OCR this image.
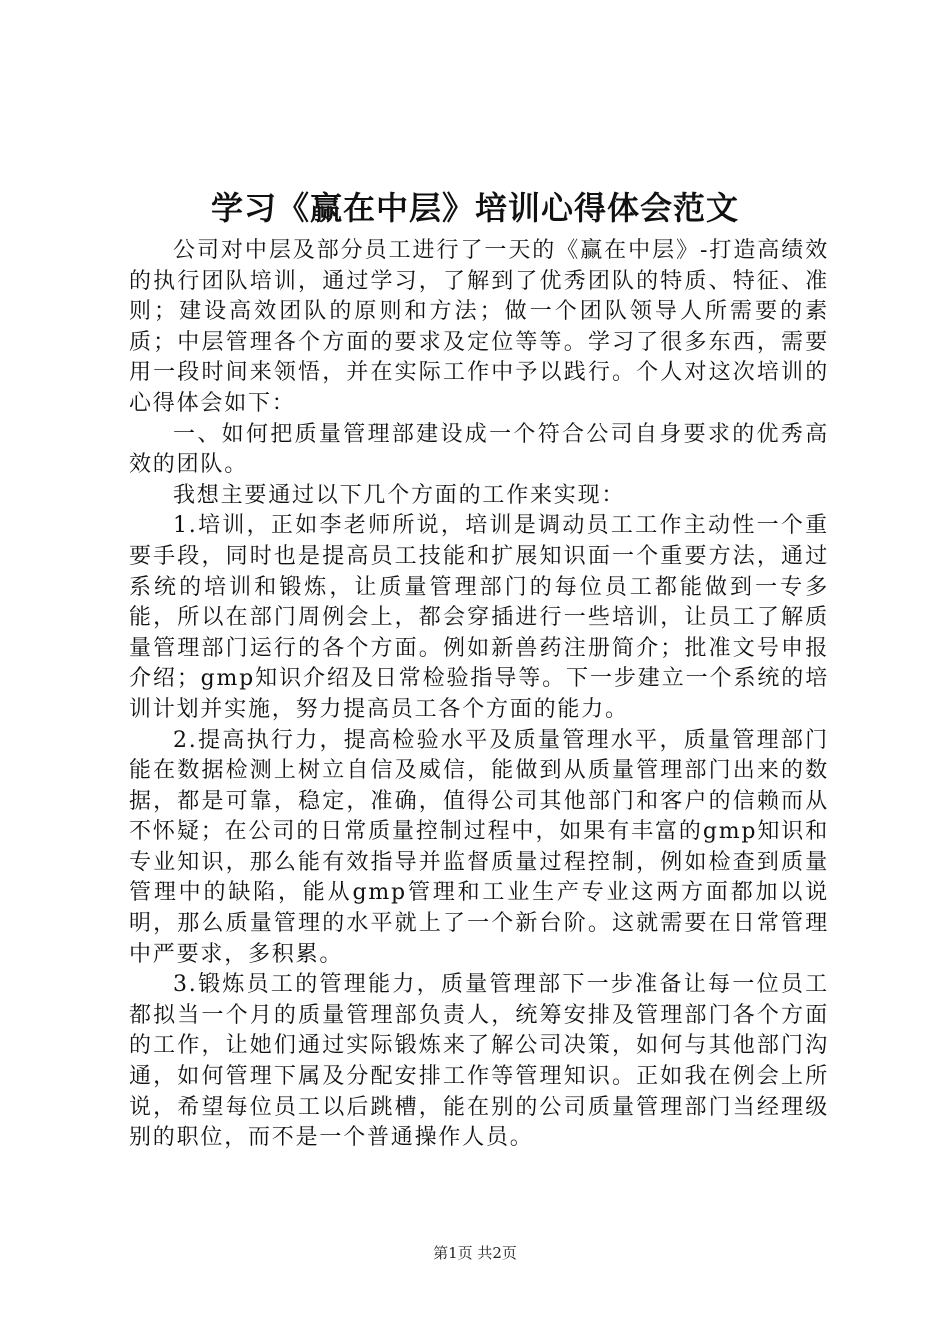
学习《赢在中层》培训心得体会范文

公司对中层及部分员工进行了一天的《赢在中层》-打造高绩效的执行团队培训，通过学习，了解到了优秀团队的特质、特征、准则；建设高效团队的原则和方法；做一个团队领导人所需要的素质；中层管理各个方面的要求及定位等等。学习了很多东西，需要用一段时间来领悟，并在实际工作中予以践行。个人对这次培训的心得体会如下：

一、如何把质量管理部建设成一个符合公司自身要求的优秀高效的团队。

我想主要通过以下几个方面的工作来实现：

1.培训，正如李老师所说，培训是调动员工工作主动性一个重要手段，同时也是提高员工技能和扩展知识面一个重要方法，通过系统的培训和锻炼，让质量管理部门的每位员工都能做到一专多能，所以在部门周例会上，都会穿插进行一些培训，让员工了解质量管理部门运行的各个方面。例如新兽药注册简介；批准文号申报介绍；gmp知识介绍及日常检验指导等。下一步建立一个系统的培训计划并实施，努力提高员工各个方面的能力。

2.提高执行力，提高检验水平及质量管理水平，质量管理部门能在数据检测上树立自信及威信，能做到从质量管理部门出来的数据，都是可靠，稳定，准确，值得公司其他部门和客户的信赖而从不怀疑；在公司的日常质量控制过程中，如果有丰富的gmp知识和专业知识，那么能有效指导并监督质量过程控制，例如检查到质量管理中的缺陷，能从gmp管理和工业生产专业这两方面都加以说明，那么质量管理的水平就上了一个新台阶。这就需要在日常管理中严要求，多积累。

3.锻炼员工的管理能力，质量管理部下一步准备让每一位员工都拟当一个月的质量管理部负责人，统筹安排及管理部门各个方面的工作，让她们通过实际锻炼来了解公司决策，如何与其他部门沟通，如何管理下属及分配安排工作等管理知识。正如我在例会上所说，希望每位员工以后跳槽，能在别的公司质量管理部门当经理级别的职位，而不是一个普通操作人员。

第1页 共2页
